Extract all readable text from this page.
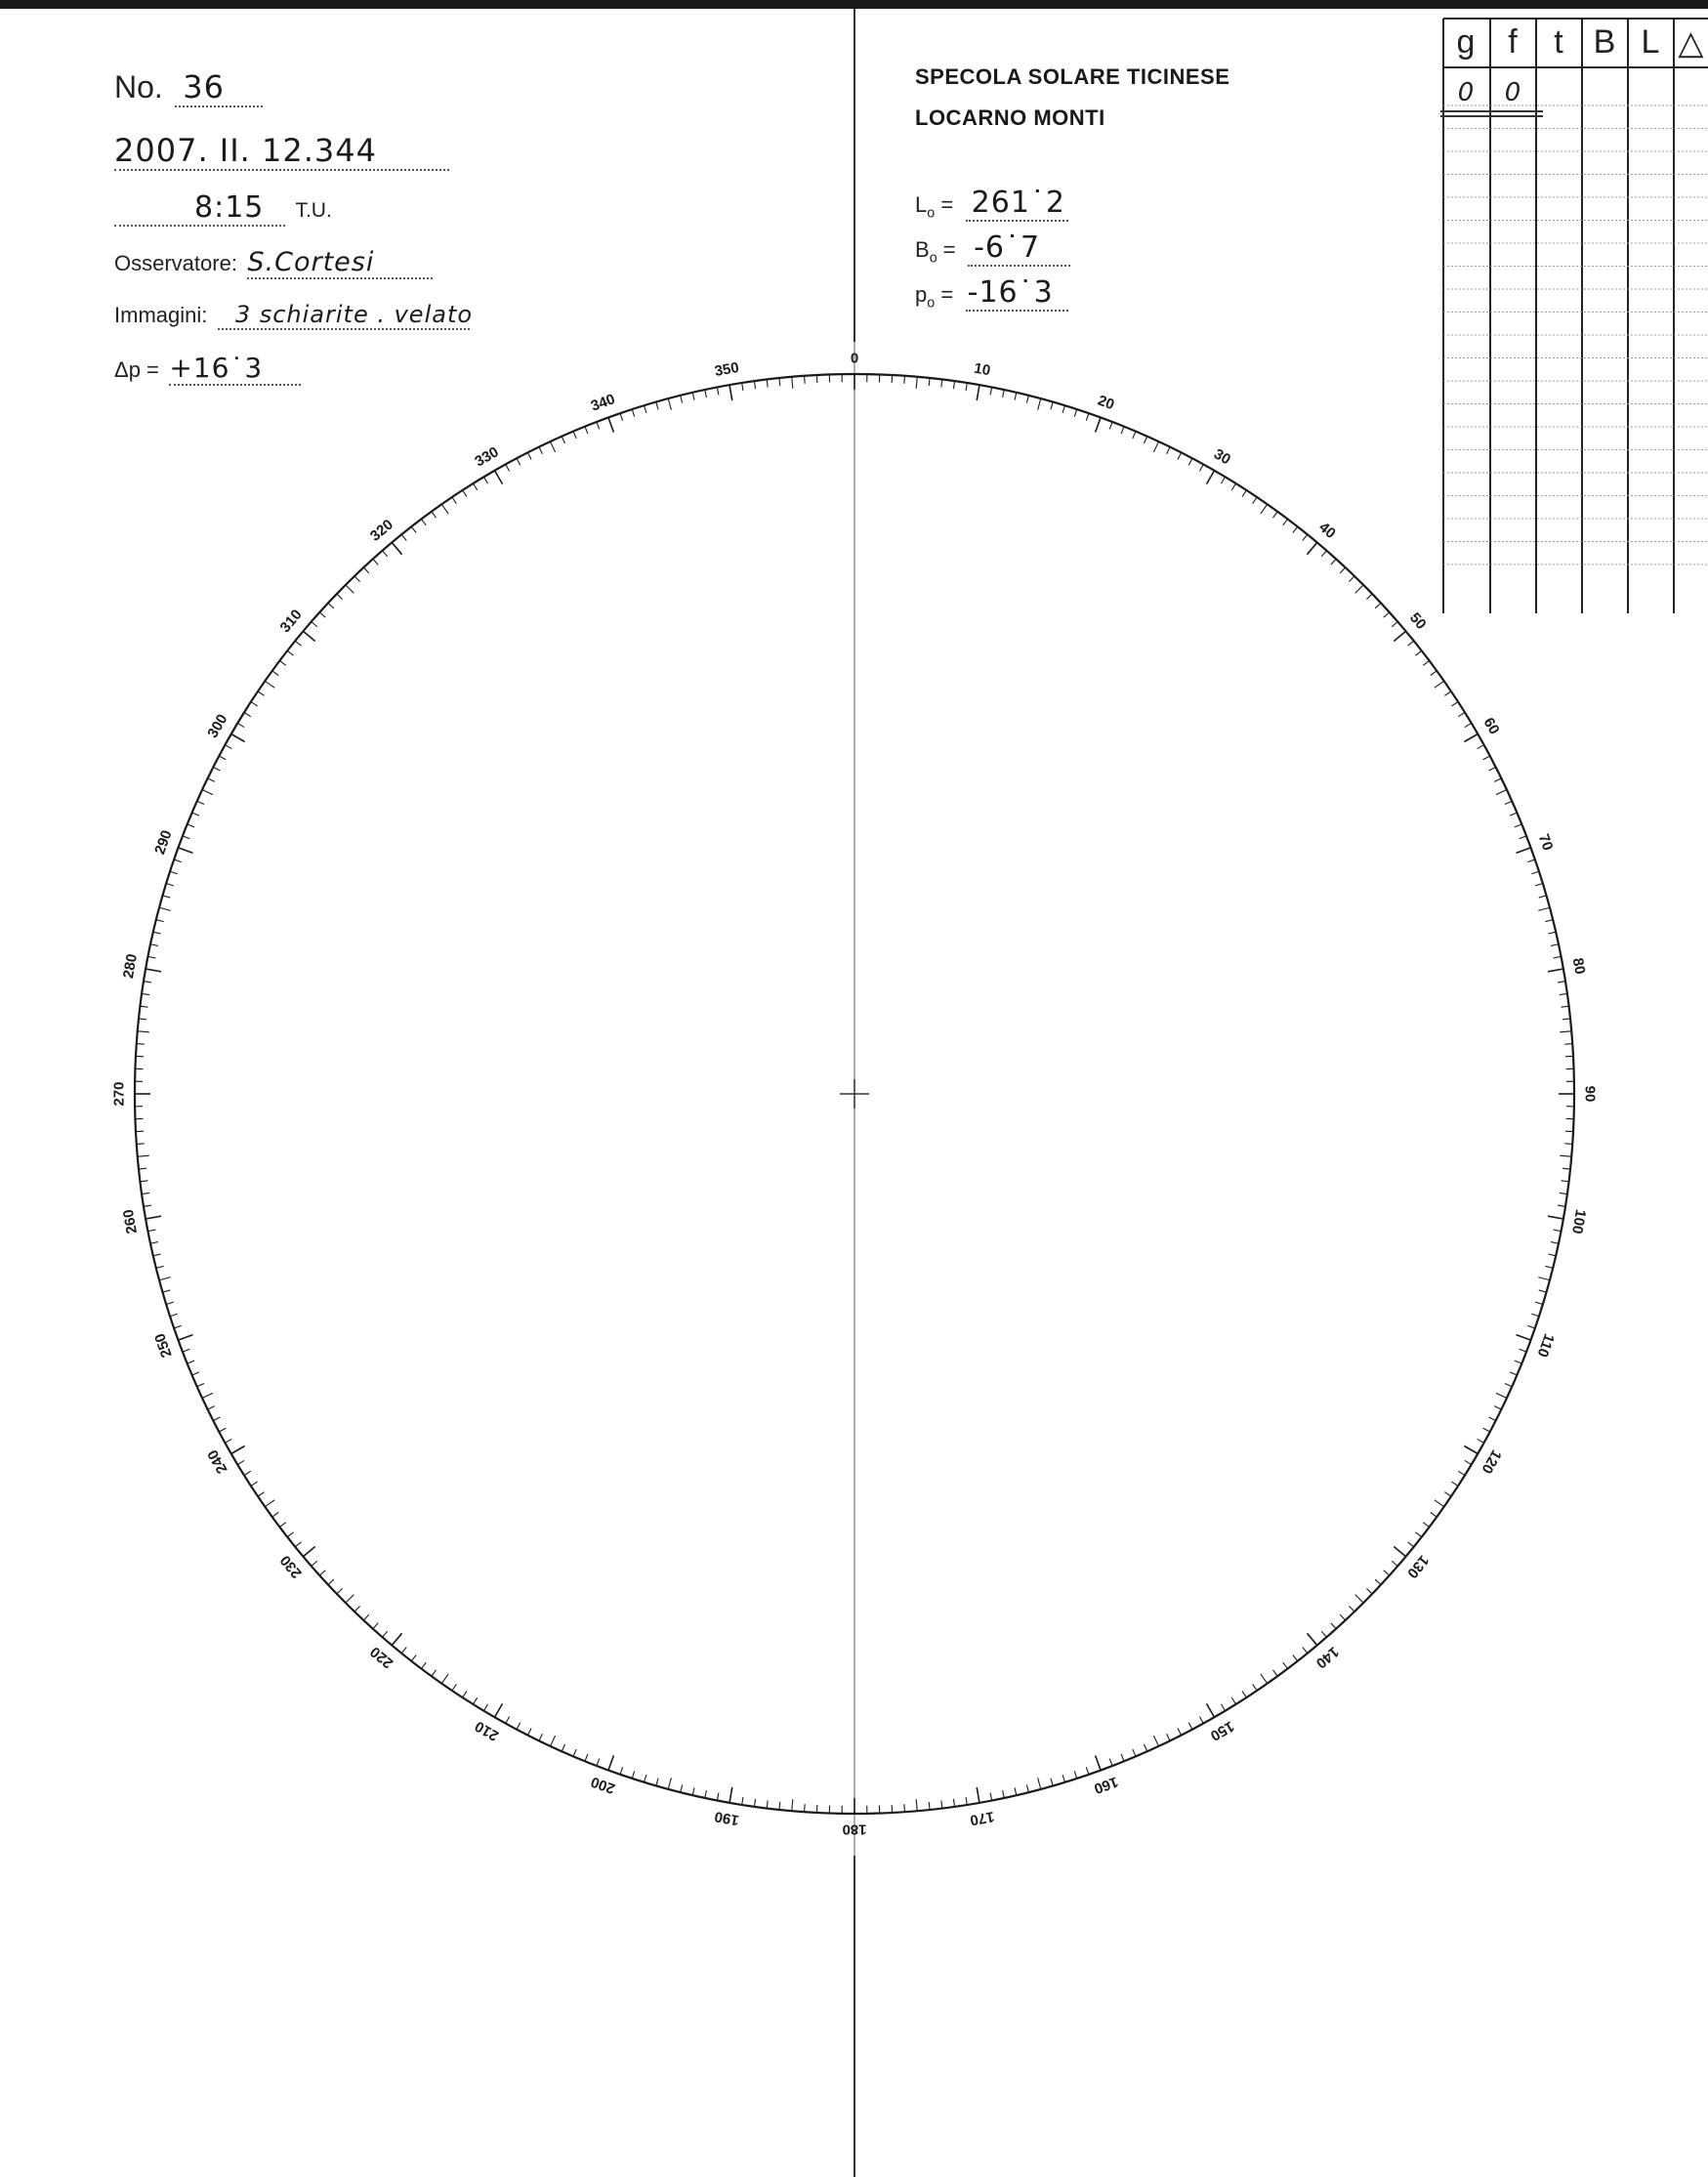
No. 36
2007. II. 12.344
8:15 T.U.
Osservatore: S.Cortesi
Immagini: 3 schiarite . velato
Δp = +16˙3
SPECOLA SOLARE TICINESE
LOCARNO MONTI
$L_o$ = 261˙2
$B_o$ = -6˙7
$p_o$ = -16˙3
g f	t B L △
0	0
0
10
20
30
40
50
60
70
80
90
100
110
120
130
140
150
160
170
180
190
200
210
220
230
240
250
260
270
280
290
300
310
320
330
340
350
